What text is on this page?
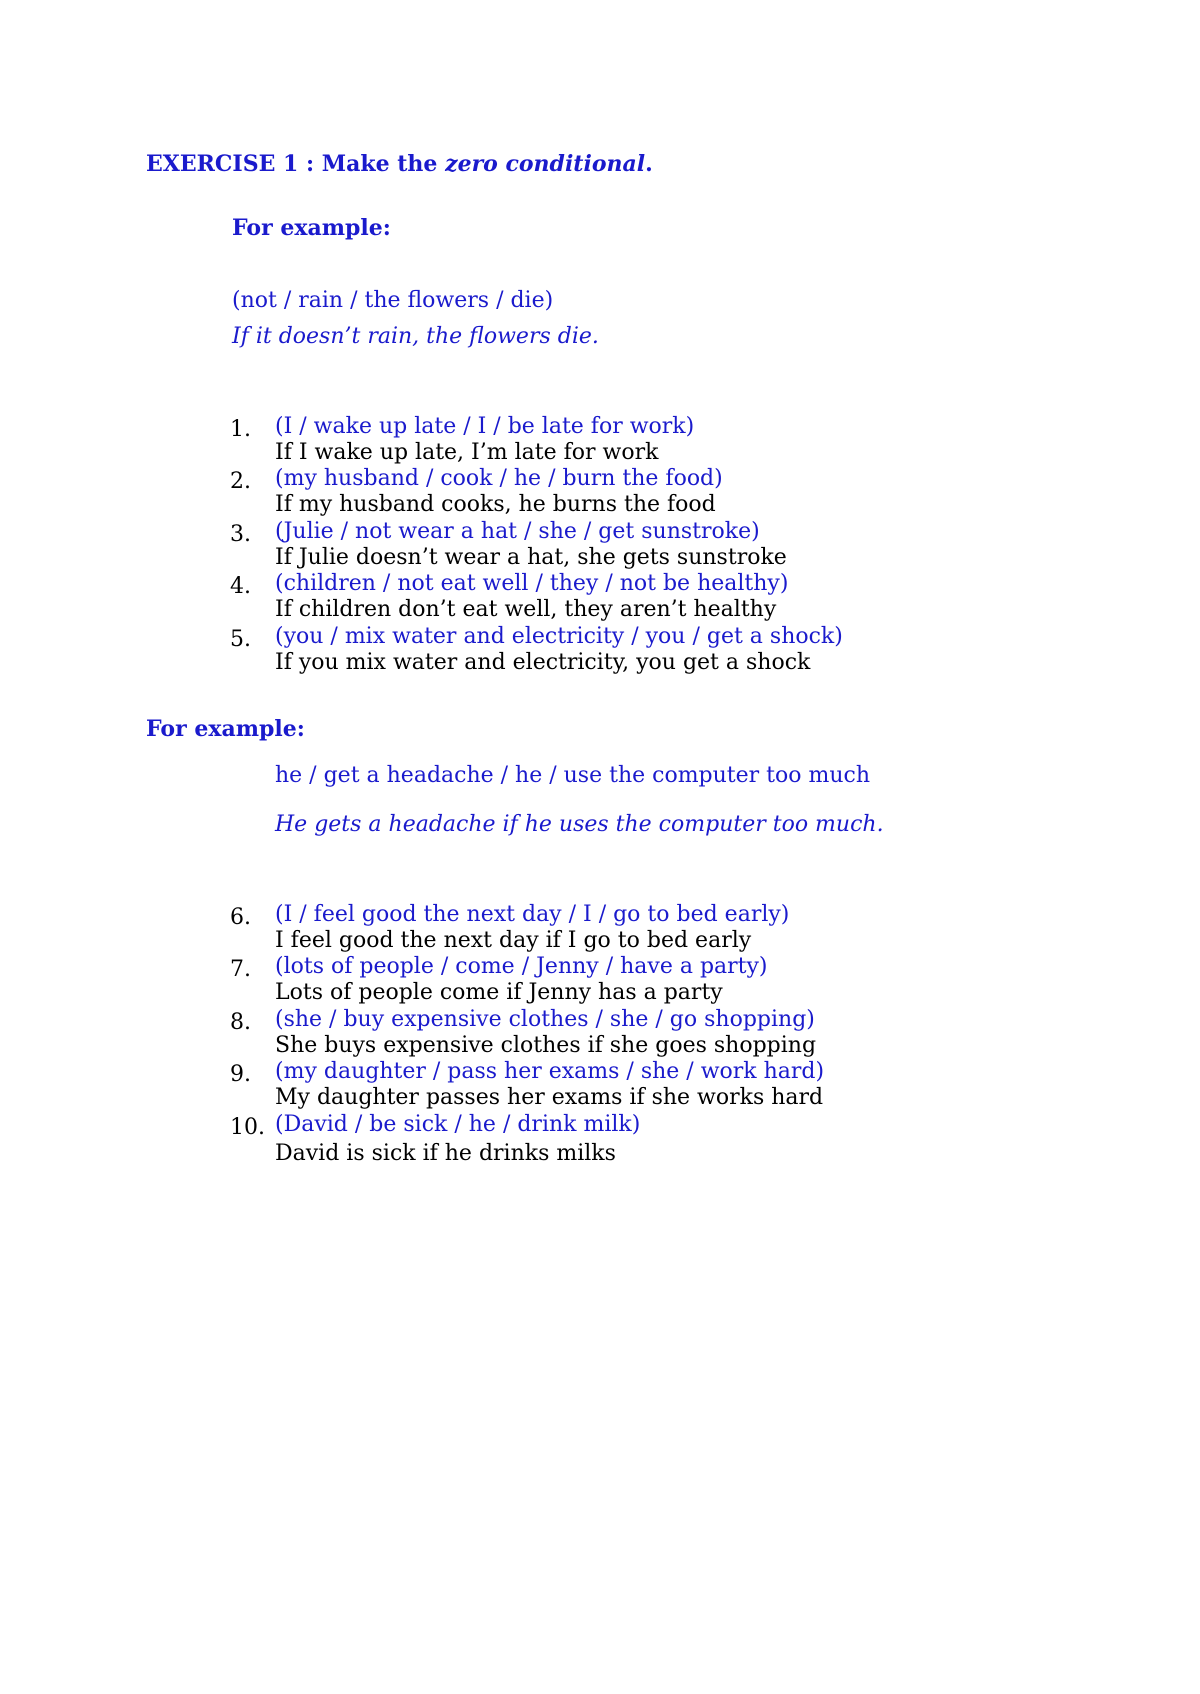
EXERCISE 1 : Make the zero conditional.
For example:
(not / rain / the flowers / die)
If it doesn’t rain, the flowers die.
1.	(I / wake up late / I / be late for work)
If I wake up late, I’m late for work
2.	(my husband / cook / he / burn the food)
If my husband cooks, he burns the food
3.	(Julie / not wear a hat / she / get sunstroke)
If Julie doesn’t wear a hat, she gets sunstroke
4.	(children / not eat well / they / not be healthy)
If children don’t eat well, they aren’t healthy
5.	(you / mix water and electricity / you / get a shock)
If you mix water and electricity, you get a shock
For example:
he / get a headache / he / use the computer too much
He gets a headache if he uses the computer too much.
6.	(I / feel good the next day / I / go to bed early)
I feel good the next day if I go to bed early
7.	(lots of people / come / Jenny / have a party)
Lots of people come if Jenny has a party
8.	(she / buy expensive clothes / she / go shopping)
She buys expensive clothes if she goes shopping
9.	(my daughter / pass her exams / she / work hard)
My daughter passes her exams if she works hard
10. (David / be sick / he / drink milk)
David is sick if he drinks milks
